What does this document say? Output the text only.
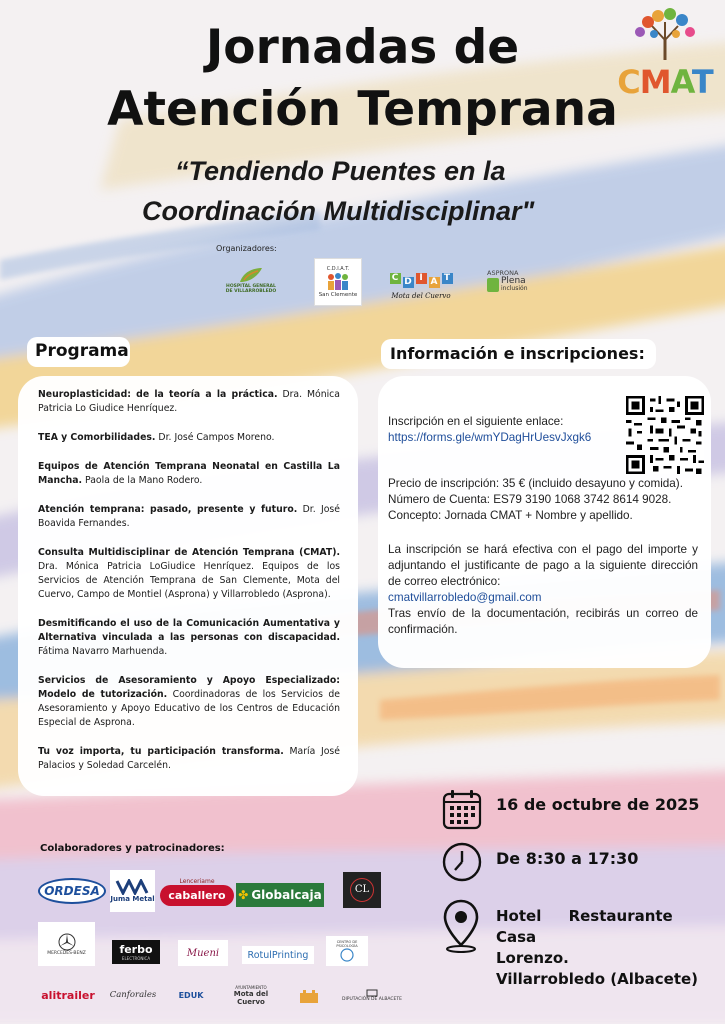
Jornadas de
Atención Temprana
“Tendiendo Puentes en la
Coordinación Multidisciplinar"
CMAT
Organizadores:
HOSPITAL GENERAL
DE VILLARROBLEDO
C.D.I.A.T.
San Clemente
C D I A T
Mota del Cuervo
ASPRONA
Plena
inclusión
Programa	Información e inscripciones:
Neuroplasticidad: de la teoría a la práctica. Dra. Mónica Patricia Lo Giudice Henríquez.
TEA y Comorbilidades. Dr. José Campos Moreno.
Equipos de Atención Temprana Neonatal en Castilla La Mancha. Paola de la Mano Rodero.
Atención temprana: pasado, presente y futuro. Dr. José Boavida Fernandes.
Consulta Multidisciplinar de Atención Temprana (CMAT). Dra. Mónica Patricia LoGiudice Henríquez. Equipos de los Servicios de Atención Temprana de San Clemente, Mota del Cuervo, Campo de Montiel (Asprona) y Villarrobledo (Asprona).
Desmitificando el uso de la Comunicación Aumentativa y Alternativa vinculada a las personas con discapacidad. Fátima Navarro Marhuenda.
Servicios de Asesoramiento y Apoyo Especializado: Modelo de tutorización. Coordinadoras de los Servicios de Asesoramiento y Apoyo Educativo de los Centros de Educación Especial de Asprona.
Tu voz importa, tu participación transforma. María José Palacios y Soledad Carcelén.
Inscripción en el siguiente enlace:
https://forms.gle/wmYDagHrUesvJxgk6
Precio de inscripción: 35 € (incluido desayuno y comida).
Número de Cuenta: ES79 3190 1068 3742 8614 9028.
Concepto: Jornada CMAT + Nombre y apellido.
La inscripción se hará efectiva con el pago del importe y adjuntando el justificante de pago a la siguiente dirección de correo electrónico:
cmatvillarrobledo@gmail.com
Tras envío de la documentación, recibirás un correo de confirmación.
16 de octubre de 2025
De 8:30 a 17:30
Hotel Restaurante Casa
Lorenzo.
Villarrobledo (Albacete)
Colaboradores y patrocinadores:
ORDESA
Juma Metal
Lenceriame
caballero	✤ Globalcaja	CL
MERCEDES-BENZ	ferbo
ELECTRÓNICA	Mueni	RotulPrinting
CENTRO DE PSICOLOGÍA
alitrailer Canforales	EDUK
AYUNTAMIENTO
Mota del Cuervo	DIPUTACIÓN DE ALBACETE
